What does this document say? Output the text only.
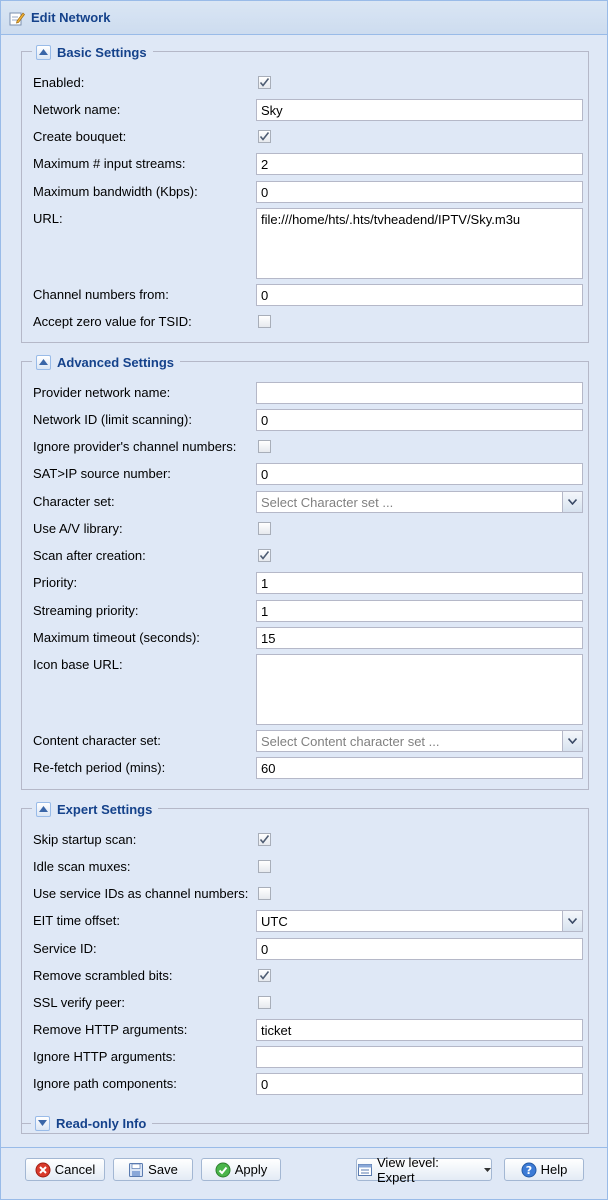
Edit Network
Basic Settings
Enabled:
Network name:	Sky
Create bouquet:
Maximum # input streams:	2
Maximum bandwidth (Kbps):	0
URL:	file:///home/hts/.hts/tvheadend/IPTV/Sky.m3u
Channel numbers from:	0
Accept zero value for TSID:
Advanced Settings
Provider network name:
Network ID (limit scanning):	0
Ignore provider's channel numbers:
SAT>IP source number:	0
Character set:	Select Character set ...
Use A/V library:
Scan after creation:
Priority:	1
Streaming priority:	1
Maximum timeout (seconds):	15
Icon base URL:
Content character set:	Select Content character set ...
Re-fetch period (mins):	60
Expert Settings
Skip startup scan:
Idle scan muxes:
Use service IDs as channel numbers:
EIT time offset:	UTC
Service ID:	0
Remove scrambled bits:
SSL verify peer:
Remove HTTP arguments:	ticket
Ignore HTTP arguments:
Ignore path components:	0
Read-only Info
Cancel	Save	Apply	View level: Expert	? Help
